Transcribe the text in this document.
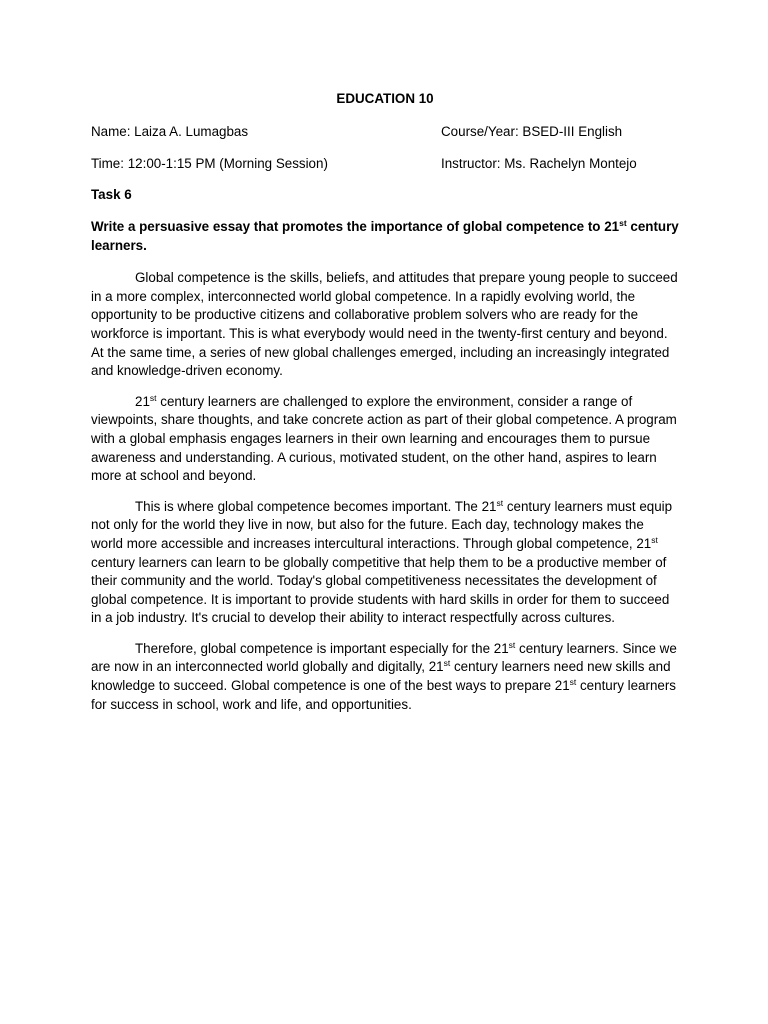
EDUCATION 10
Name: Laiza A. Lumagbas	Course/Year: BSED-III English
Time: 12:00-1:15 PM (Morning Session)	Instructor: Ms. Rachelyn Montejo
Task 6
Write a persuasive essay that promotes the importance of global competence to 21st century learners.

Global competence is the skills, beliefs, and attitudes that prepare young people to succeed in a more complex, interconnected world global competence. In a rapidly evolving world, the opportunity to be productive citizens and collaborative problem solvers who are ready for the workforce is important. This is what everybody would need in the twenty-first century and beyond. At the same time, a series of new global challenges emerged, including an increasingly integrated and knowledge-driven economy.

21st century learners are challenged to explore the environment, consider a range of viewpoints, share thoughts, and take concrete action as part of their global competence. A program with a global emphasis engages learners in their own learning and encourages them to pursue awareness and understanding. A curious, motivated student, on the other hand, aspires to learn more at school and beyond.

This is where global competence becomes important. The 21st century learners must equip not only for the world they live in now, but also for the future. Each day, technology makes the world more accessible and increases intercultural interactions. Through global competence, 21st century learners can learn to be globally competitive that help them to be a productive member of their community and the world. Today's global competitiveness necessitates the development of global competence. It is important to provide students with hard skills in order for them to succeed in a job industry. It's crucial to develop their ability to interact respectfully across cultures.

Therefore, global competence is important especially for the 21st century learners. Since we are now in an interconnected world globally and digitally, 21st century learners need new skills and knowledge to succeed. Global competence is one of the best ways to prepare 21st century learners for success in school, work and life, and opportunities.
